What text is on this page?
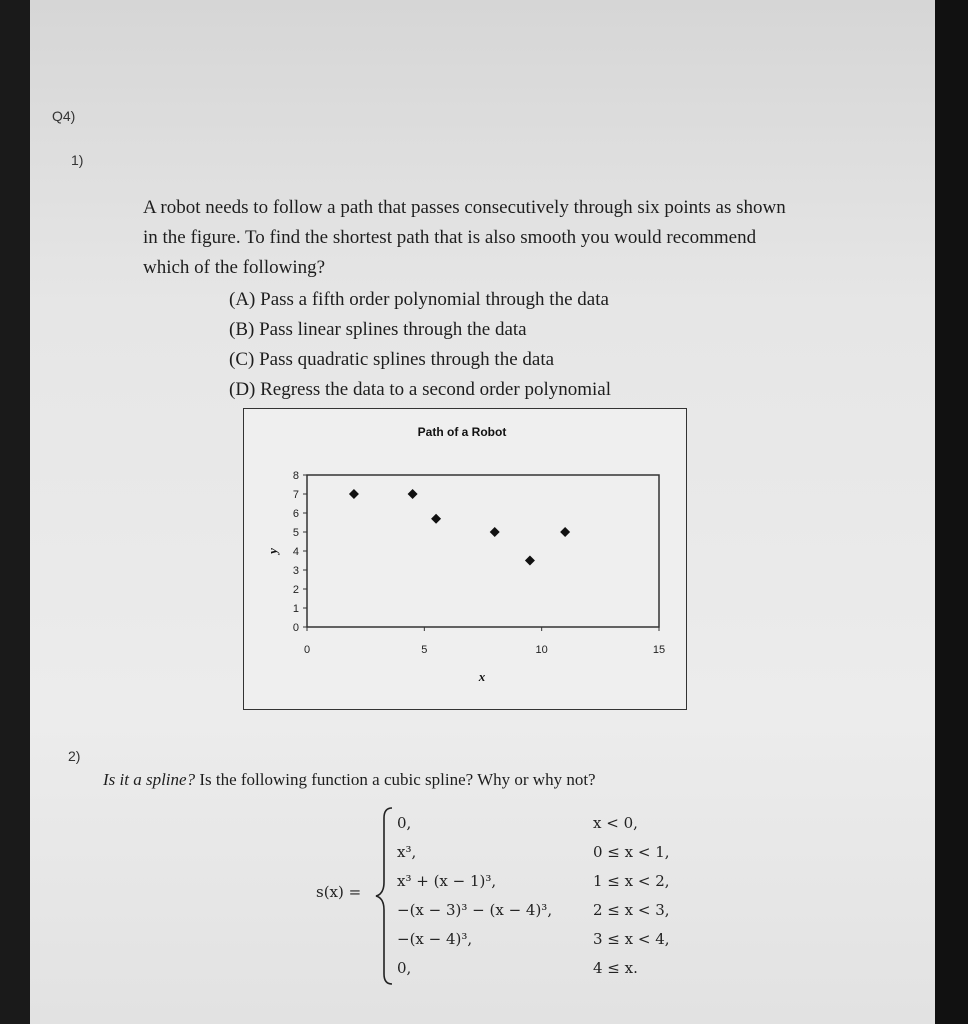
Q4)
1)
A robot needs to follow a path that passes consecutively through six points as shown
in the figure. To find the shortest path that is also smooth you would recommend
which of the following?
(A) Pass a fifth order polynomial through the data
(B) Pass linear splines through the data
(C) Pass quadratic splines through the data
(D) Regress the data to a second order polynomial
Path of a Robot
x
y
0
1
2
3
4
5
6
7
8
0	5	10	15
2)
Is it a spline? Is the following function a cubic spline? Why or why not?
s(x) =
0,	x < 0,
x³,	0 ≤ x < 1,
x³ + (x − 1)³,	1 ≤ x < 2,
−(x − 3)³ − (x − 4)³,	2 ≤ x < 3,
−(x − 4)³,	3 ≤ x < 4,
0,	4 ≤ x.
